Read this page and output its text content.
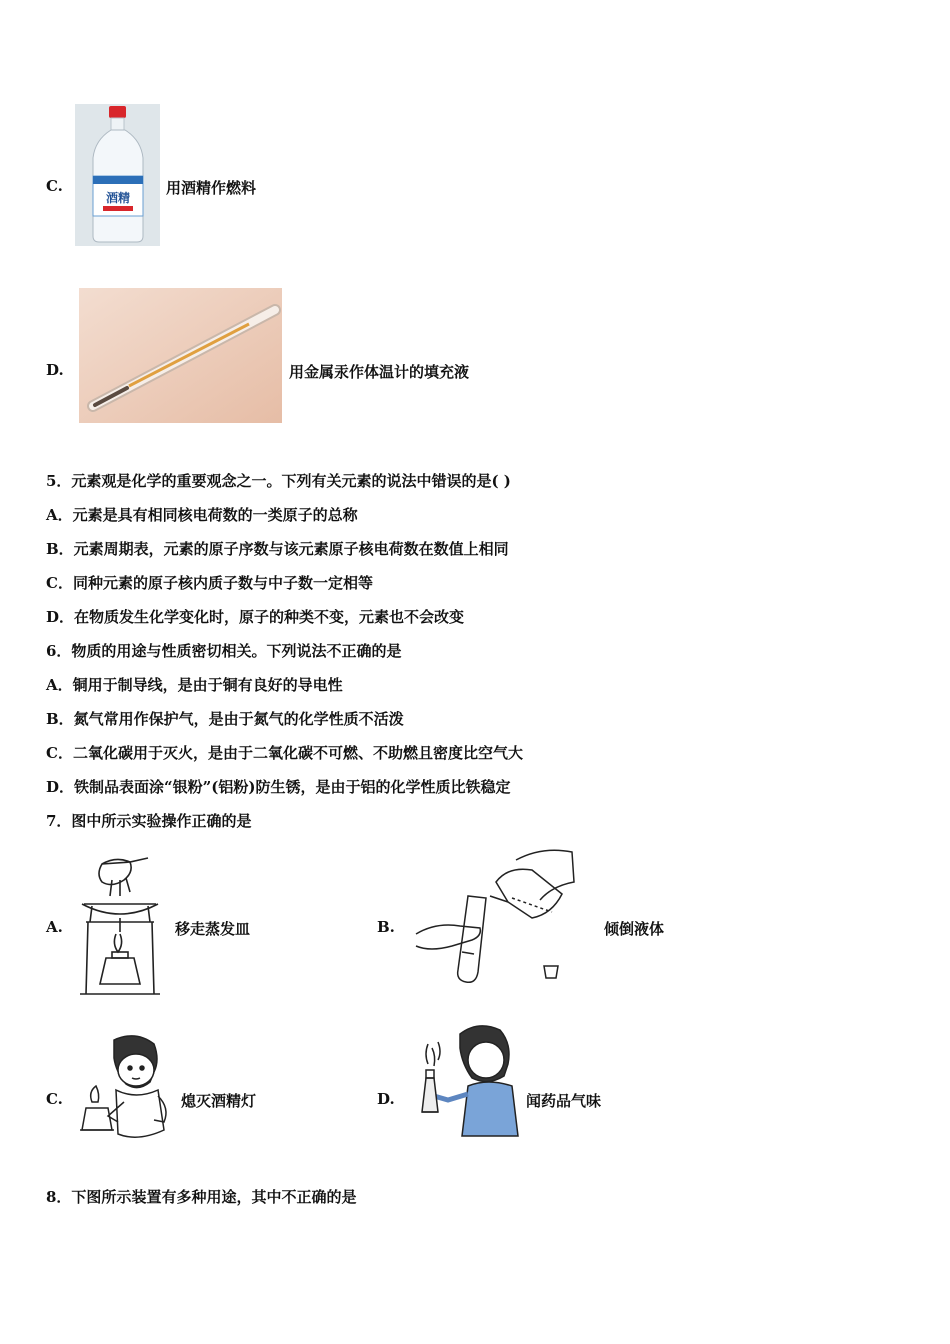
C.
酒精
用酒精作燃料
D.	用金属汞作体温计的填充液
5．元素观是化学的重要观念之一。下列有关元素的说法中错误的是( )
A．元素是具有相同核电荷数的一类原子的总称
B．元素周期表，元素的原子序数与该元素原子核电荷数在数值上相同
C．同种元素的原子核内质子数与中子数一定相等
D．在物质发生化学变化时，原子的种类不变，元素也不会改变
6．物质的用途与性质密切相关。下列说法不正确的是
A．铜用于制导线，是由于铜有良好的导电性
B．氮气常用作保护气，是由于氮气的化学性质不活泼
C．二氧化碳用于灭火，是由于二氧化碳不可燃、不助燃且密度比空气大
D．铁制品表面涂“银粉”(铝粉)防生锈，是由于铝的化学性质比铁稳定
7．图中所示实验操作正确的是
A.	移走蒸发皿	B.	倾倒液体
C.	熄灭酒精灯	D.	闻药品气味
8．下图所示装置有多种用途，其中不正确的是
